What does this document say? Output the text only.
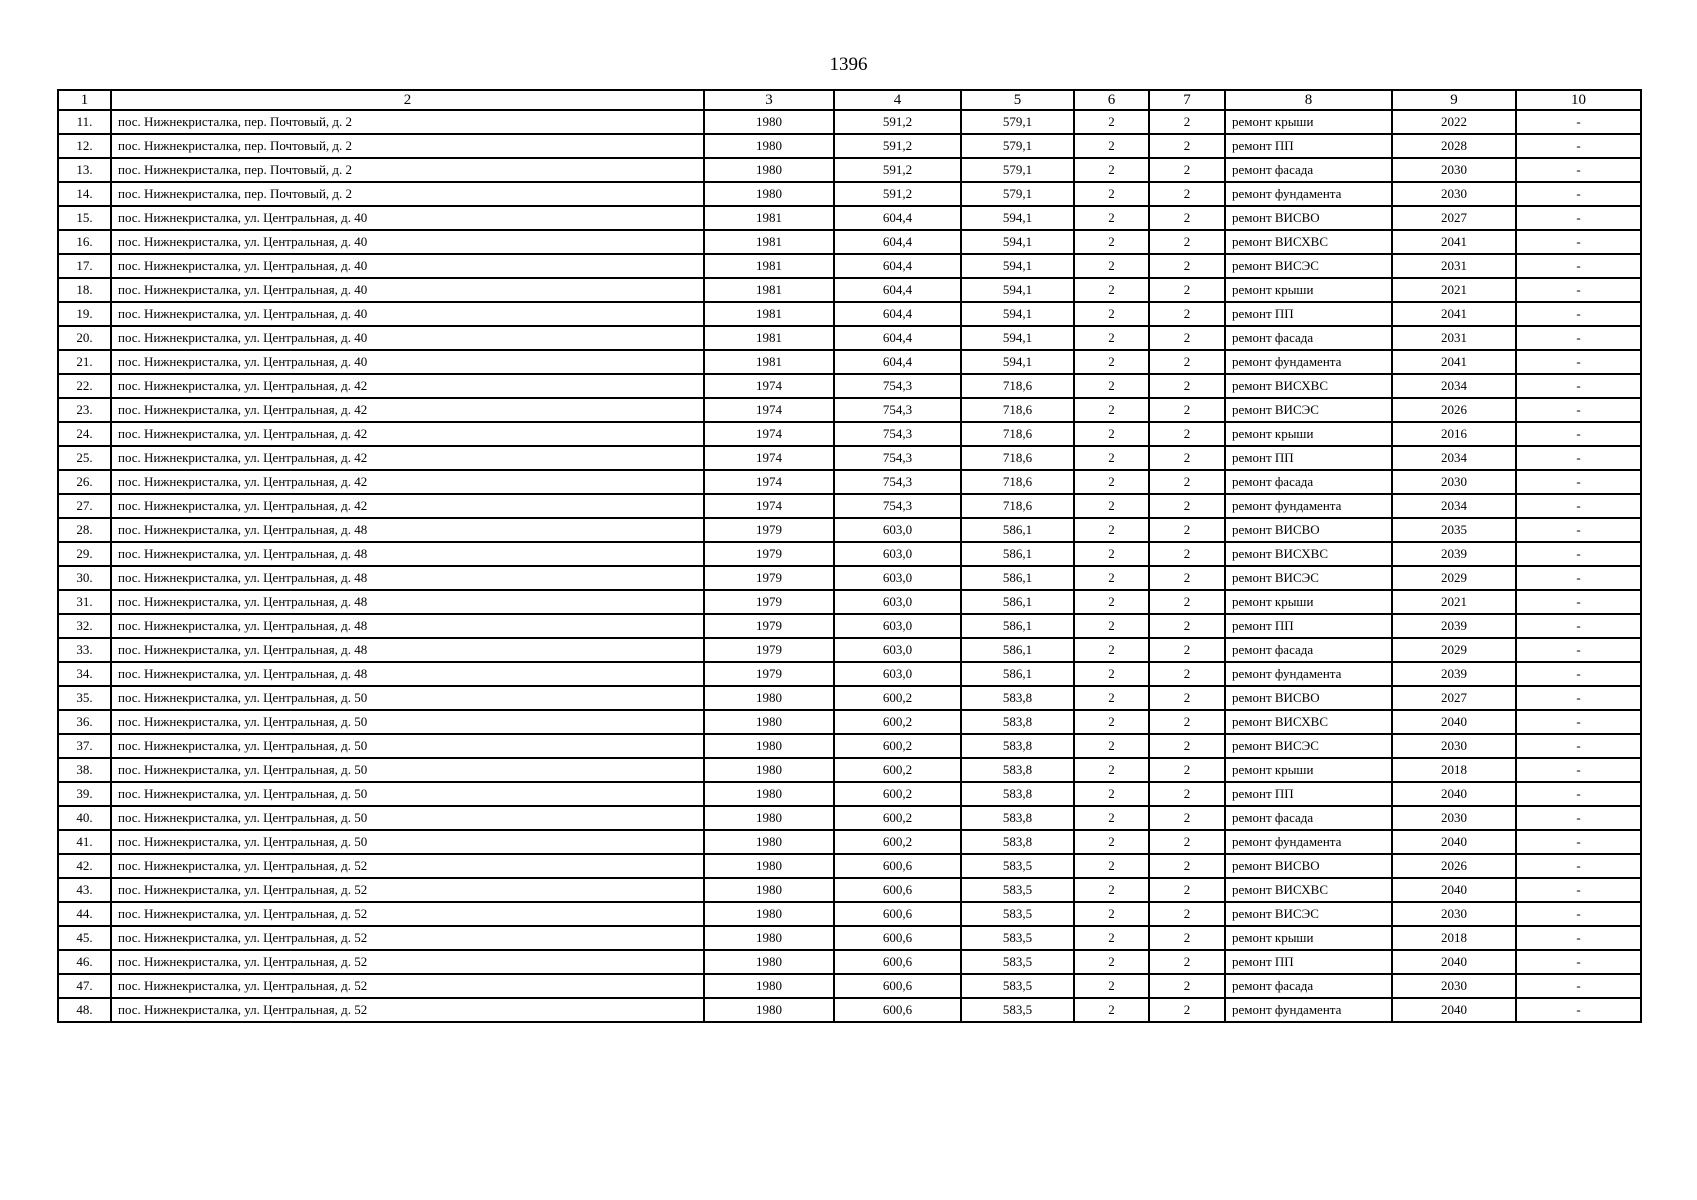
1396
1	2	3	4	5	6	7	8	9	10
11.	пос. Нижнекристалка, пер. Почтовый, д. 2	1980	591,2	579,1	2	2	ремонт крыши	2022	-
12.	пос. Нижнекристалка, пер. Почтовый, д. 2	1980	591,2	579,1	2	2	ремонт ПП	2028	-
13.	пос. Нижнекристалка, пер. Почтовый, д. 2	1980	591,2	579,1	2	2	ремонт фасада	2030	-
14.	пос. Нижнекристалка, пер. Почтовый, д. 2	1980	591,2	579,1	2	2	ремонт фундамента	2030	-
15.	пос. Нижнекристалка, ул. Центральная, д. 40	1981	604,4	594,1	2	2	ремонт ВИСВО	2027	-
16.	пос. Нижнекристалка, ул. Центральная, д. 40	1981	604,4	594,1	2	2	ремонт ВИСХВС	2041	-
17.	пос. Нижнекристалка, ул. Центральная, д. 40	1981	604,4	594,1	2	2	ремонт ВИСЭС	2031	-
18.	пос. Нижнекристалка, ул. Центральная, д. 40	1981	604,4	594,1	2	2	ремонт крыши	2021	-
19.	пос. Нижнекристалка, ул. Центральная, д. 40	1981	604,4	594,1	2	2	ремонт ПП	2041	-
20.	пос. Нижнекристалка, ул. Центральная, д. 40	1981	604,4	594,1	2	2	ремонт фасада	2031	-
21.	пос. Нижнекристалка, ул. Центральная, д. 40	1981	604,4	594,1	2	2	ремонт фундамента	2041	-
22.	пос. Нижнекристалка, ул. Центральная, д. 42	1974	754,3	718,6	2	2	ремонт ВИСХВС	2034	-
23.	пос. Нижнекристалка, ул. Центральная, д. 42	1974	754,3	718,6	2	2	ремонт ВИСЭС	2026	-
24.	пос. Нижнекристалка, ул. Центральная, д. 42	1974	754,3	718,6	2	2	ремонт крыши	2016	-
25.	пос. Нижнекристалка, ул. Центральная, д. 42	1974	754,3	718,6	2	2	ремонт ПП	2034	-
26.	пос. Нижнекристалка, ул. Центральная, д. 42	1974	754,3	718,6	2	2	ремонт фасада	2030	-
27.	пос. Нижнекристалка, ул. Центральная, д. 42	1974	754,3	718,6	2	2	ремонт фундамента	2034	-
28.	пос. Нижнекристалка, ул. Центральная, д. 48	1979	603,0	586,1	2	2	ремонт ВИСВО	2035	-
29.	пос. Нижнекристалка, ул. Центральная, д. 48	1979	603,0	586,1	2	2	ремонт ВИСХВС	2039	-
30.	пос. Нижнекристалка, ул. Центральная, д. 48	1979	603,0	586,1	2	2	ремонт ВИСЭС	2029	-
31.	пос. Нижнекристалка, ул. Центральная, д. 48	1979	603,0	586,1	2	2	ремонт крыши	2021	-
32.	пос. Нижнекристалка, ул. Центральная, д. 48	1979	603,0	586,1	2	2	ремонт ПП	2039	-
33.	пос. Нижнекристалка, ул. Центральная, д. 48	1979	603,0	586,1	2	2	ремонт фасада	2029	-
34.	пос. Нижнекристалка, ул. Центральная, д. 48	1979	603,0	586,1	2	2	ремонт фундамента	2039	-
35.	пос. Нижнекристалка, ул. Центральная, д. 50	1980	600,2	583,8	2	2	ремонт ВИСВО	2027	-
36.	пос. Нижнекристалка, ул. Центральная, д. 50	1980	600,2	583,8	2	2	ремонт ВИСХВС	2040	-
37.	пос. Нижнекристалка, ул. Центральная, д. 50	1980	600,2	583,8	2	2	ремонт ВИСЭС	2030	-
38.	пос. Нижнекристалка, ул. Центральная, д. 50	1980	600,2	583,8	2	2	ремонт крыши	2018	-
39.	пос. Нижнекристалка, ул. Центральная, д. 50	1980	600,2	583,8	2	2	ремонт ПП	2040	-
40.	пос. Нижнекристалка, ул. Центральная, д. 50	1980	600,2	583,8	2	2	ремонт фасада	2030	-
41.	пос. Нижнекристалка, ул. Центральная, д. 50	1980	600,2	583,8	2	2	ремонт фундамента	2040	-
42.	пос. Нижнекристалка, ул. Центральная, д. 52	1980	600,6	583,5	2	2	ремонт ВИСВО	2026	-
43.	пос. Нижнекристалка, ул. Центральная, д. 52	1980	600,6	583,5	2	2	ремонт ВИСХВС	2040	-
44.	пос. Нижнекристалка, ул. Центральная, д. 52	1980	600,6	583,5	2	2	ремонт ВИСЭС	2030	-
45.	пос. Нижнекристалка, ул. Центральная, д. 52	1980	600,6	583,5	2	2	ремонт крыши	2018	-
46.	пос. Нижнекристалка, ул. Центральная, д. 52	1980	600,6	583,5	2	2	ремонт ПП	2040	-
47.	пос. Нижнекристалка, ул. Центральная, д. 52	1980	600,6	583,5	2	2	ремонт фасада	2030	-
48.	пос. Нижнекристалка, ул. Центральная, д. 52	1980	600,6	583,5	2	2	ремонт фундамента	2040	-
